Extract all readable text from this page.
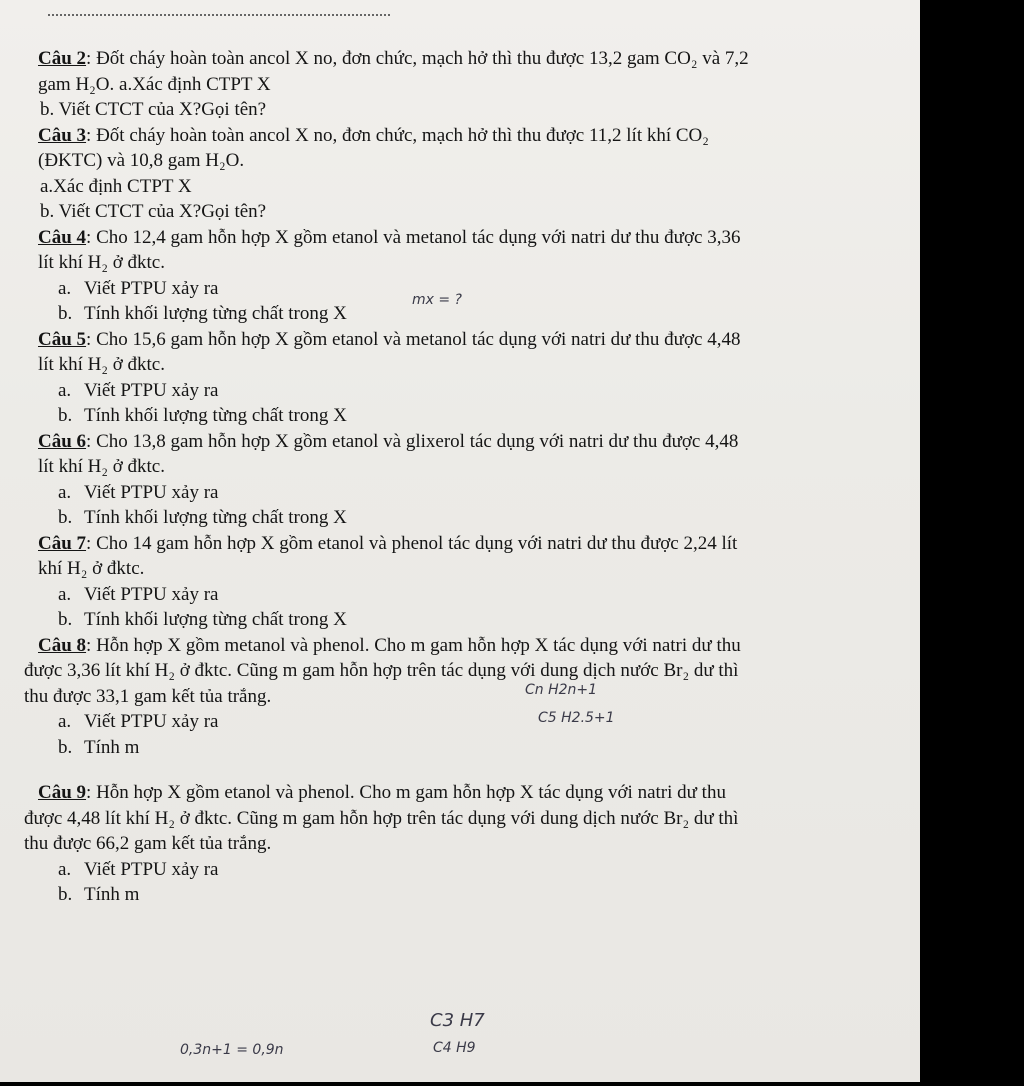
Câu 2: Đốt cháy hoàn toàn ancol X no, đơn chức, mạch hở thì thu được 13,2 gam CO₂ và 7,2
gam H₂O. a.Xác định CTPT X
b. Viết CTCT của X?Gọi tên?
Câu 3: Đốt cháy hoàn toàn ancol X no, đơn chức, mạch hở thì thu được 11,2 lít khí CO₂
(ĐKTC) và 10,8 gam H₂O.
a.Xác định CTPT X
b. Viết CTCT của X?Gọi tên?
Câu 4: Cho 12,4 gam hỗn hợp X gồm etanol và metanol tác dụng với natri dư thu được 3,36
lít khí H₂ ở đktc.
a. Viết PTPU xảy ra
b. Tính khối lượng từng chất trong X
Câu 5: Cho 15,6 gam hỗn hợp X gồm etanol và metanol tác dụng với natri dư thu được 4,48
lít khí H₂ ở đktc.
a. Viết PTPU xảy ra
b. Tính khối lượng từng chất trong X
Câu 6: Cho 13,8 gam hỗn hợp X gồm etanol và glixerol tác dụng với natri dư thu được 4,48
lít khí H₂ ở đktc.
a. Viết PTPU xảy ra
b. Tính khối lượng từng chất trong X
Câu 7: Cho 14 gam hỗn hợp X gồm etanol và phenol tác dụng với natri dư thu được 2,24 lít
khí H₂ ở đktc.
a. Viết PTPU xảy ra
b. Tính khối lượng từng chất trong X
Câu 8: Hỗn hợp X gồm metanol và phenol. Cho m gam hỗn hợp X tác dụng với natri dư thu
được 3,36 lít khí H₂ ở đktc. Cũng m gam hỗn hợp trên tác dụng với dung dịch nước Br₂ dư thì
thu được 33,1 gam kết tủa trắng.
a. Viết PTPU xảy ra
b. Tính m
Câu 9: Hỗn hợp X gồm etanol và phenol. Cho m gam hỗn hợp X tác dụng với natri dư thu
được 4,48 lít khí H₂ ở đktc. Cũng m gam hỗn hợp trên tác dụng với dung dịch nước Br₂ dư thì
thu được 66,2 gam kết tủa trắng.
a. Viết PTPU xảy ra
b. Tính m
mx = ?
Cn H2n+1
C5 H2.5+1
C3 H7
C4 H9
0,3n+1 = 0,9n
